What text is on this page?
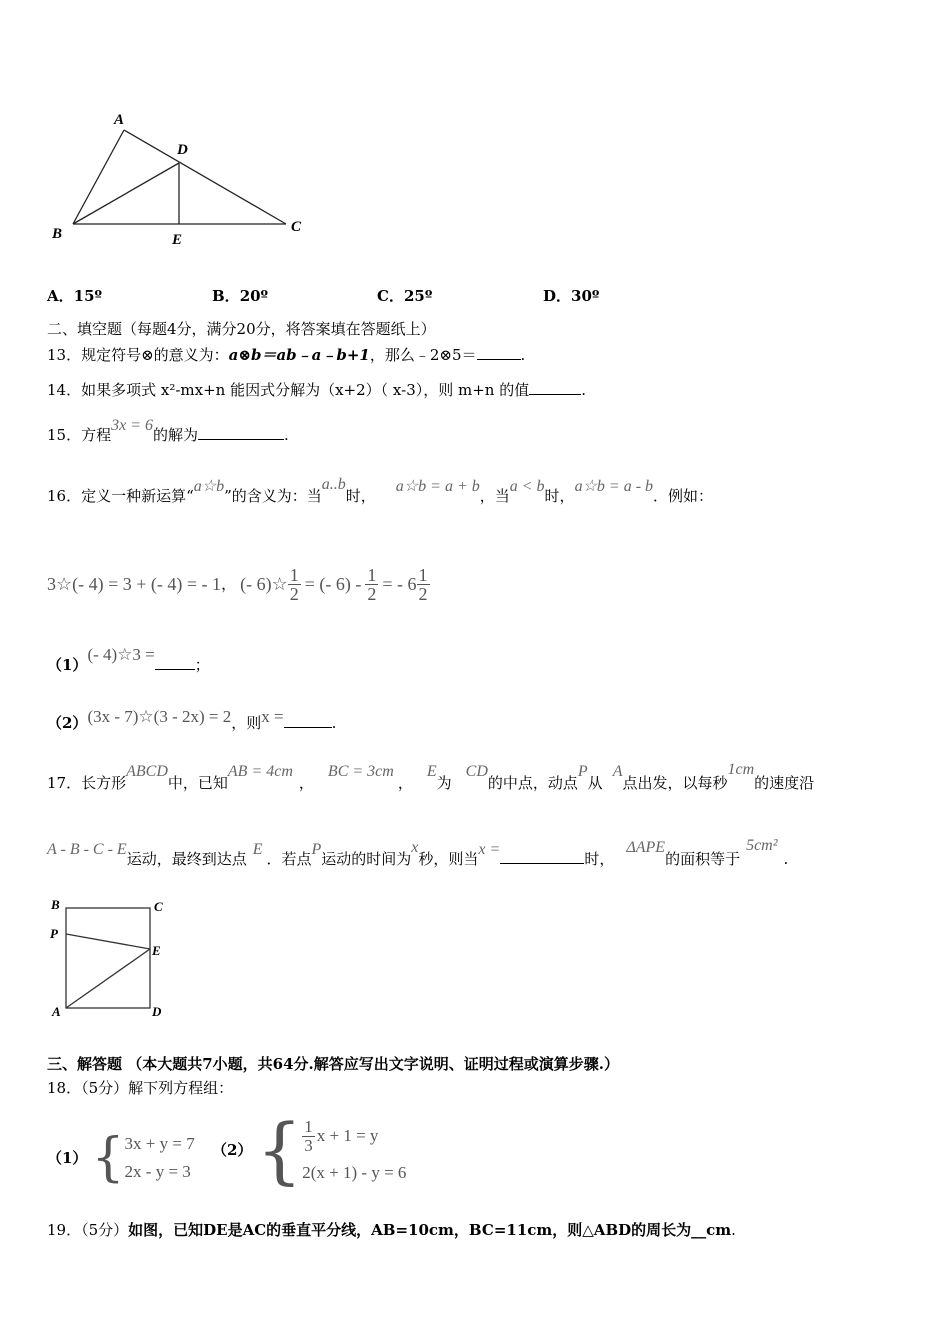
A
D
B	E
C
A．15º	B．20º	C．25º	D．30º
二、填空题（每题4分，满分20分，将答案填在答题纸上）
13．规定符号⊗的意义为：a⊗b＝ab﹣a﹣b+1，那么﹣2⊗5＝	.
14．如果多项式 x²-mx+n 能因式分解为（x+2）（ x-3），则 m+n 的值	.
15．方程3x = 6的解为	.
16．定义一种新运算“a☆b”的含义为：当a..b时，a☆b = a + b，当a < b时，a☆b = a - b．例如：
3☆(- 4) = 3 + (- 4) = - 1 ， (- 6)☆ $\frac{1}{2}$ = (- $6) - \frac{1}{2}$ = - $6 \frac{1}{2}$
（1）(- 4)☆3 =；
（2）(3x - 7)☆(3 - 2x) = 2，则x =	.
17．长方形ABCD中，已知AB = 4cm，BC = 3cm，E为CD的中点，动点P从A点出发，以每秒1cm的速度沿
A - B - C - E运动，最终到达点E．若点P运动的时间为x秒，则当x =时，ΔAPE的面积等于5cm².
B	C
P
E
A	D
三、解答题 （本大题共7小题，共64分.解答应写出文字说明、证明过程或演算步骤.）
18．（5分）解下列方程组：
（1） { 3x + y = 7
2x - y = 3
（2） { $\frac{1}{3}$ x + 1 = y
2(x + 1) - y = 6
19．（5分）如图，已知DE是AC的垂直平分线，AB=10cm，BC=11cm，则△ABD的周长为__cm.
